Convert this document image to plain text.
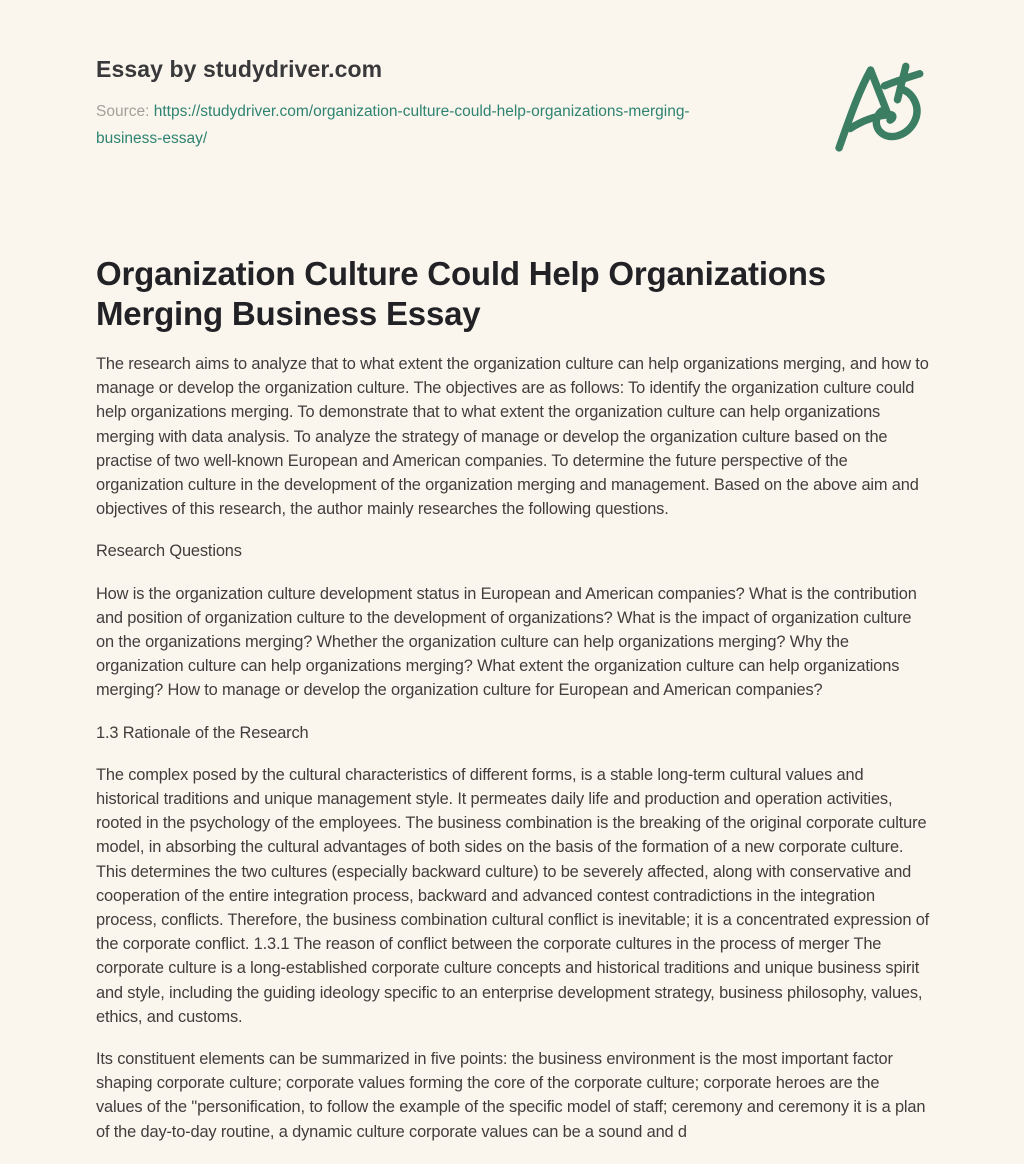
Essay by studydriver.com
Source: https://studydriver.com/organization-culture-could-help-organizations-merging-business-essay/
Organization Culture Could Help Organizations Merging Business Essay

The research aims to analyze that to what extent the organization culture can help organizations merging, and how to manage or develop the organization culture. The objectives are as follows: To identify the organization culture could help organizations merging. To demonstrate that to what extent the organization culture can help organizations merging with data analysis. To analyze the strategy of manage or develop the organization culture based on the practise of two well-known European and American companies. To determine the future perspective of the organization culture in the development of the organization merging and management. Based on the above aim and objectives of this research, the author mainly researches the following questions.

Research Questions

How is the organization culture development status in European and American companies? What is the contribution and position of organization culture to the development of organizations? What is the impact of organization culture on the organizations merging? Whether the organization culture can help organizations merging? Why the organization culture can help organizations merging? What extent the organization culture can help organizations merging? How to manage or develop the organization culture for European and American companies?

1.3 Rationale of the Research

The complex posed by the cultural characteristics of different forms, is a stable long-term cultural values and historical traditions and unique management style. It permeates daily life and production and operation activities, rooted in the psychology of the employees. The business combination is the breaking of the original corporate culture model, in absorbing the cultural advantages of both sides on the basis of the formation of a new corporate culture. This determines the two cultures (especially backward culture) to be severely affected, along with conservative and cooperation of the entire integration process, backward and advanced contest contradictions in the integration process, conflicts. Therefore, the business combination cultural conflict is inevitable; it is a concentrated expression of the corporate conflict. 1.3.1 The reason of conflict between the corporate cultures in the process of merger The corporate culture is a long-established corporate culture concepts and historical traditions and unique business spirit and style, including the guiding ideology specific to an enterprise development strategy, business philosophy, values, ethics, and customs.

Its constituent elements can be summarized in five points: the business environment is the most important factor shaping corporate culture; corporate values forming the core of the corporate culture; corporate heroes are the values of the "personification, to follow the example of the specific model of staff; ceremony and ceremony it is a plan of the day-to-day routine, a dynamic culture corporate values can be a sound and d
